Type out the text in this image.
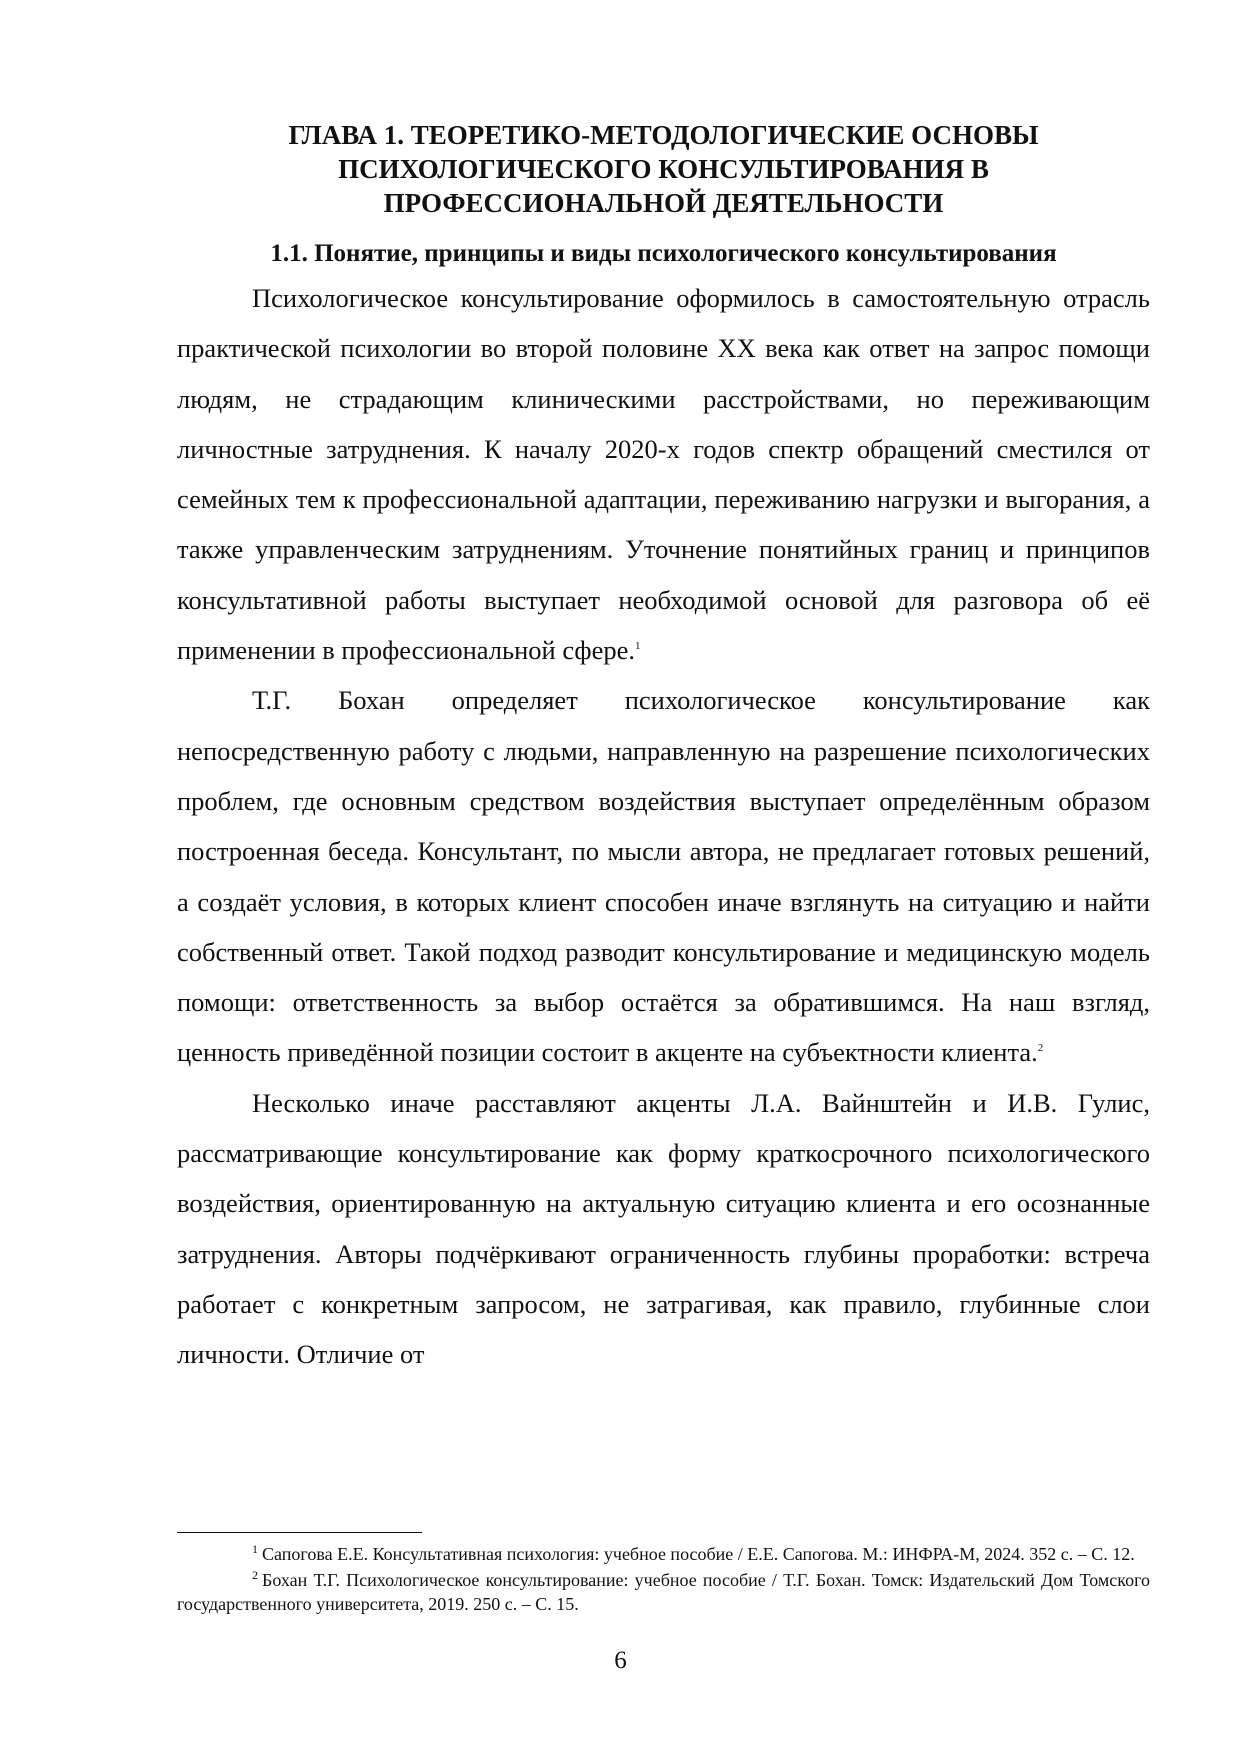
ГЛАВА 1. ТЕОРЕТИКО-МЕТОДОЛОГИЧЕСКИЕ ОСНОВЫ ПСИХОЛОГИЧЕСКОГО КОНСУЛЬТИРОВАНИЯ В ПРОФЕССИОНАЛЬНОЙ ДЕЯТЕЛЬНОСТИ
1.1. Понятие, принципы и виды психологического консультирования

Психологическое консультирование оформилось в самостоятельную отрасль практической психологии во второй половине XX века как ответ на запрос помощи людям, не страдающим клиническими расстройствами, но переживающим личностные затруднения. К началу 2020-х годов спектр обращений сместился от семейных тем к профессиональной адаптации, переживанию нагрузки и выгорания, а также управленческим затруднениям. Уточнение понятийных границ и принципов консультативной работы выступает необходимой основой для разговора об её применении в профессиональной сфере.$^1$

Т.Г. Бохан определяет психологическое консультирование как непосредственную работу с людьми, направленную на разрешение психологических проблем, где основным средством воздействия выступает определённым образом построенная беседа. Консультант, по мысли автора, не предлагает готовых решений, а создаёт условия, в которых клиент способен иначе взглянуть на ситуацию и найти собственный ответ. Такой подход разводит консультирование и медицинскую модель помощи: ответственность за выбор остаётся за обратившимся. На наш взгляд, ценность приведённой позиции состоит в акценте на субъектности клиента.$^2$

Несколько иначе расставляют акценты Л.А. Вайнштейн и И.В. Гулис, рассматривающие консультирование как форму краткосрочного психологического воздействия, ориентированную на актуальную ситуацию клиента и его осознанные затруднения. Авторы подчёркивают ограниченность глубины проработки: встреча работает с конкретным запросом, не затрагивая, как правило, глубинные слои личности. Отличие от

$^1$ Сапогова Е.Е. Консультативная психология: учебное пособие / Е.Е. Сапогова. М.: ИНФРА-М, 2024. 352 с. – С. 12.

$^2$ Бохан Т.Г. Психологическое консультирование: учебное пособие / Т.Г. Бохан. Томск: Издательский Дом Томского государственного университета, 2019. 250 с. – С. 15.

6
